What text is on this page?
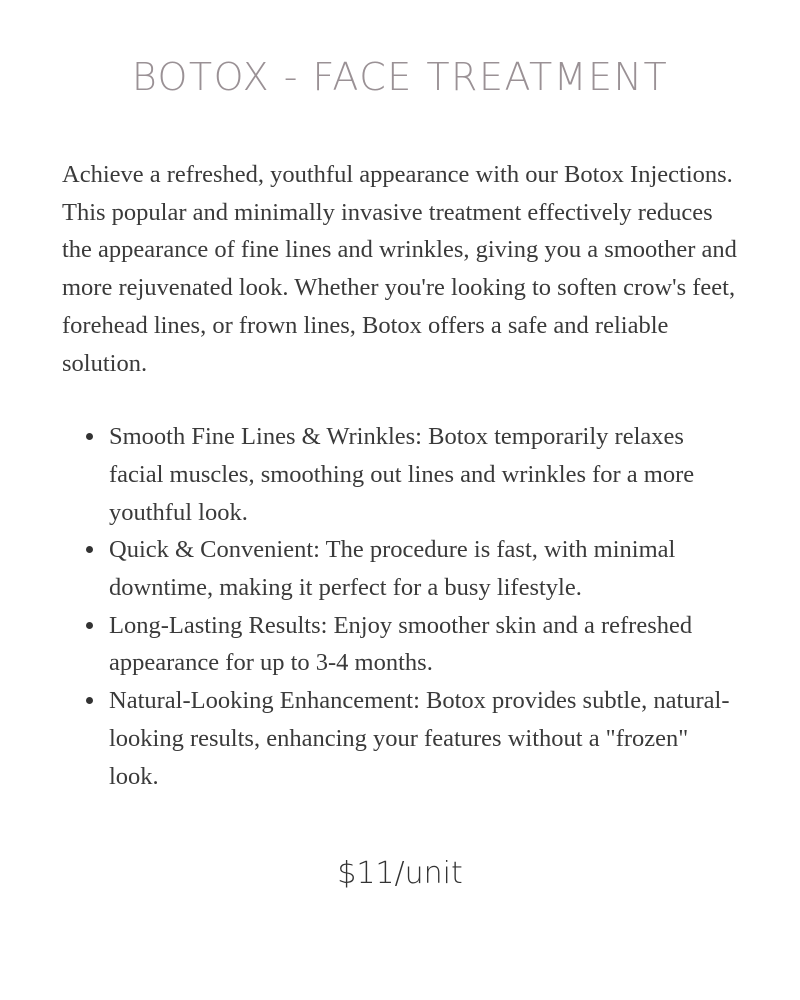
BOTOX - FACE TREATMENT

Achieve a refreshed, youthful appearance with our Botox Injections. This popular and minimally invasive treatment effectively reduces the appearance of fine lines and wrinkles, giving you a smoother and more rejuvenated look. Whether you're looking to soften crow's feet, forehead lines, or frown lines, Botox offers a safe and reliable solution.

Smooth Fine Lines & Wrinkles: Botox temporarily relaxes facial muscles, smoothing out lines and wrinkles for a more youthful look.
Quick & Convenient: The procedure is fast, with minimal downtime, making it perfect for a busy lifestyle.
Long-Lasting Results: Enjoy smoother skin and a refreshed appearance for up to 3-4 months.
Natural-Looking Enhancement: Botox provides subtle, natural-looking results, enhancing your features without a "frozen" look.
$11/unit
